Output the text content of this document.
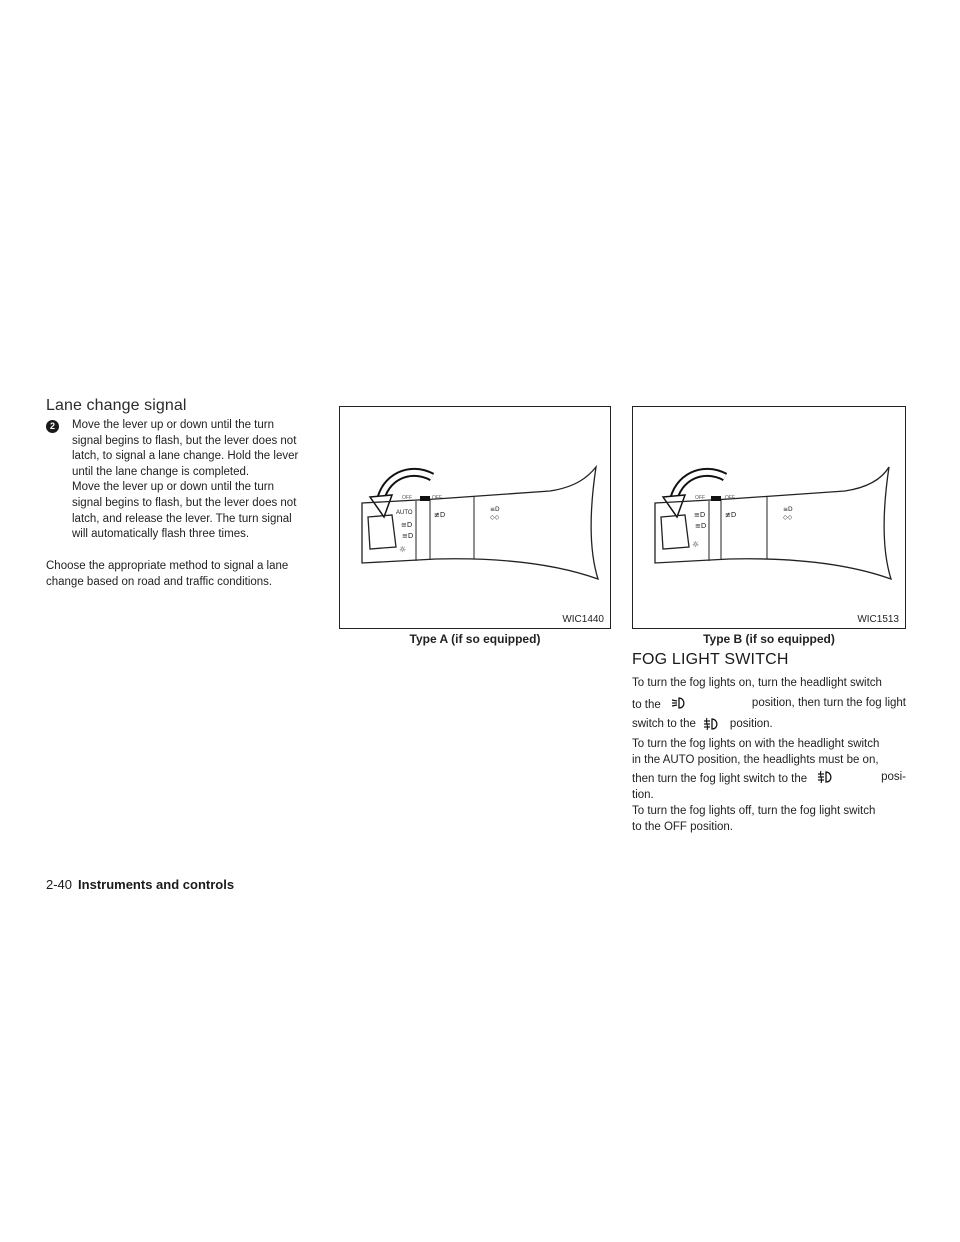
Lane change signal
2	Move the lever up or down until the turn
signal begins to flash, but the lever does not
latch, to signal a lane change. Hold the lever
until the lane change is completed.
Move the lever up or down until the turn
signal begins to flash, but the lever does not
latch, and release the lever. The turn signal
will automatically flash three times.
Choose the appropriate method to signal a lane
change based on road and traffic conditions.
AUTO
OFF	OFF
≡D
≡D
☼
≢D
≡D
◇◇
WIC1440
Type A (if so equipped)
OFF	OFF
≡D
≡D
☼
≢D
≡D
◇◇
WIC1513
Type B (if so equipped)
FOG LIGHT SWITCH
To turn the fog lights on, turn the headlight switch
to the	position, then turn the fog light
switch to the	position.
To turn the fog lights on with the headlight switch
in the AUTO position, the headlights must be on,
then turn the fog light switch to the	posi-
tion.
To turn the fog lights off, turn the fog light switch
to the OFF position.
2-40 Instruments and controls
